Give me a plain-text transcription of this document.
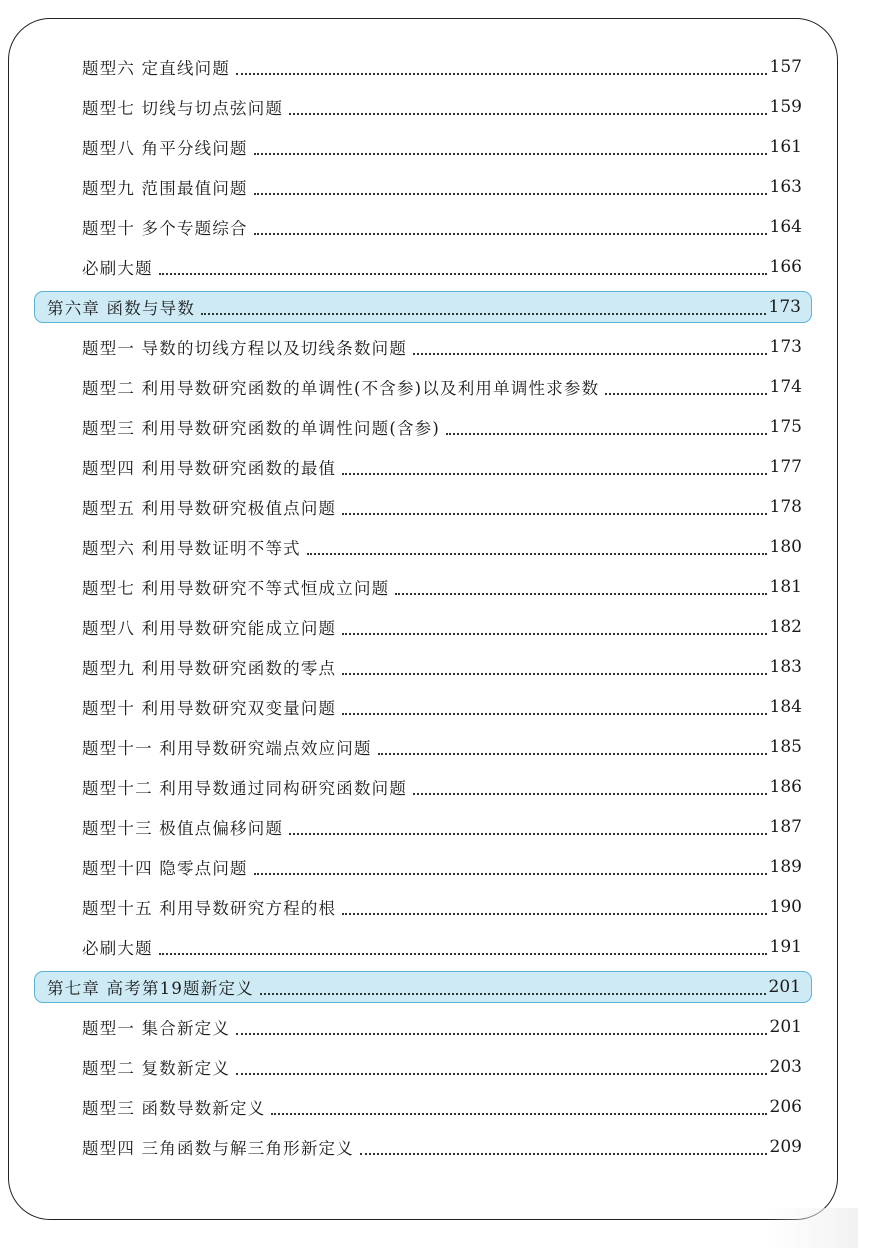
题型六 定直线问题	157
题型七 切线与切点弦问题	159
题型八 角平分线问题	161
题型九 范围最值问题	163
题型十 多个专题综合	164
必刷大题	166
第六章 函数与导数	173
题型一 导数的切线方程以及切线条数问题	173
题型二 利用导数研究函数的单调性(不含参)以及利用单调性求参数	174
题型三 利用导数研究函数的单调性问题(含参)	175
题型四 利用导数研究函数的最值	177
题型五 利用导数研究极值点问题	178
题型六 利用导数证明不等式	180
题型七 利用导数研究不等式恒成立问题	181
题型八 利用导数研究能成立问题	182
题型九 利用导数研究函数的零点	183
题型十 利用导数研究双变量问题	184
题型十一 利用导数研究端点效应问题	185
题型十二 利用导数通过同构研究函数问题	186
题型十三 极值点偏移问题	187
题型十四 隐零点问题	189
题型十五 利用导数研究方程的根	190
必刷大题	191
第七章 高考第19题新定义	201
题型一 集合新定义	201
题型二 复数新定义	203
题型三 函数导数新定义	206
题型四 三角函数与解三角形新定义	209
